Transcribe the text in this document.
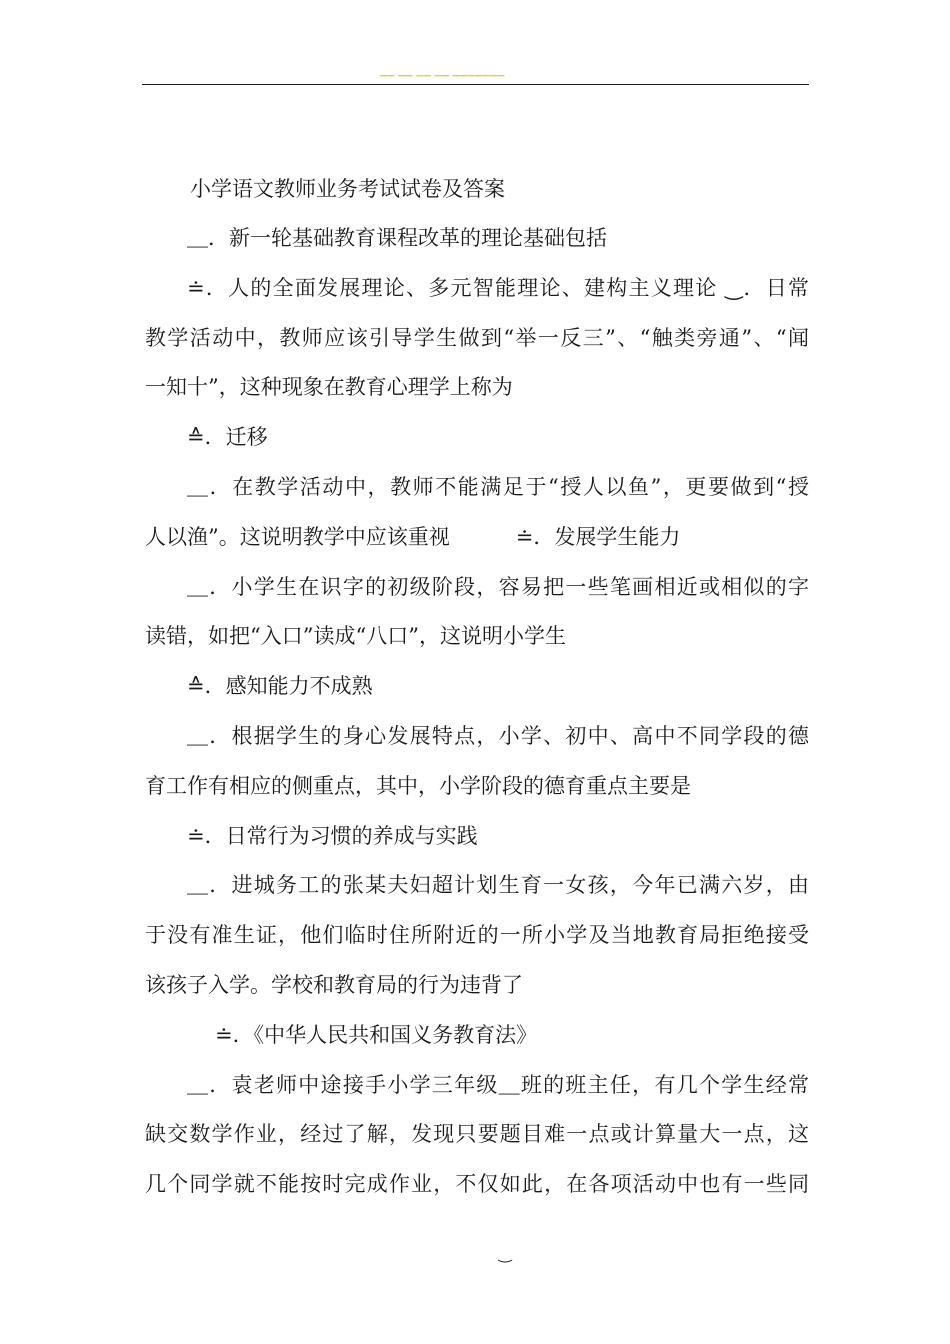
▁▁ ▁▁ ▁▁ ▁▁ ▁▁▁▁▁▁▁
小学语文教师业务考试试卷及答案
＿．新一轮基础教育课程改革的理论基础包括
≐．人的全面发展理论、多元智能理论、建构主义理论 ‿．日常
教学活动中，教师应该引导学生做到“举一反三”、“触类旁通”、“闻
一知十”，这种现象在教育心理学上称为
≙．迁移
＿．在教学活动中，教师不能满足于“授人以鱼”，更要做到“授
人以渔”。这说明教学中应该重视	≐．发展学生能力
＿．小学生在识字的初级阶段，容易把一些笔画相近或相似的字
读错，如把“入口”读成“八口”，这说明小学生
≙．感知能力不成熟
＿．根据学生的身心发展特点，小学、初中、高中不同学段的德
育工作有相应的侧重点，其中，小学阶段的德育重点主要是
≐．日常行为习惯的养成与实践
＿．进城务工的张某夫妇超计划生育一女孩，今年已满六岁，由
于没有准生证，他们临时住所附近的一所小学及当地教育局拒绝接受
该孩子入学。学校和教育局的行为违背了
≐．《中华人民共和国义务教育法》
＿．袁老师中途接手小学三年级＿班的班主任，有几个学生经常
缺交数学作业，经过了解，发现只要题目难一点或计算量大一点，这
几个同学就不能按时完成作业，不仅如此，在各项活动中也有一些同
‿
